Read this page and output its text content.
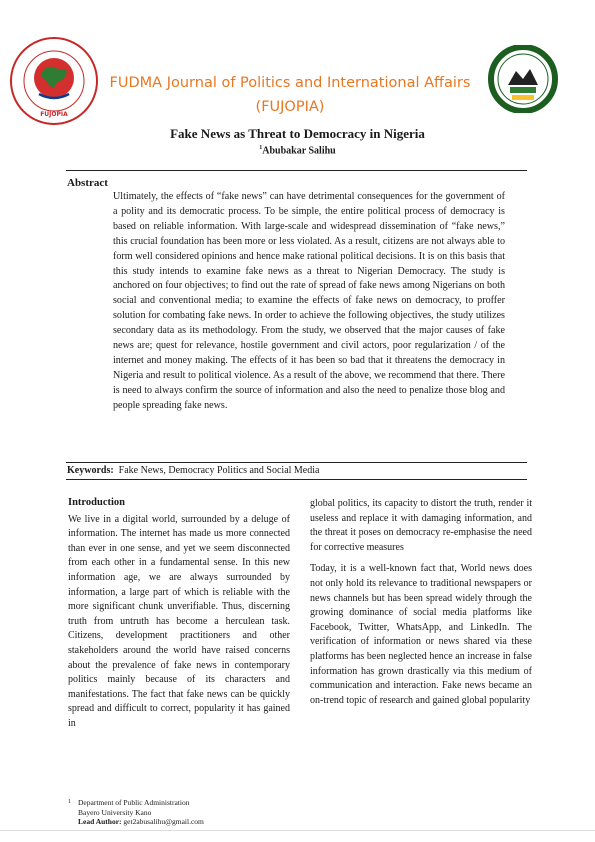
FUJOPIA
FUDMA Journal of Politics and International Affairs
(FUJOPIA)
Fake News as Threat to Democracy in Nigeria
$^1$Abubakar Salihu
Abstract

Ultimately, the effects of “fake news” can have detrimental consequences for the government of a polity and its democratic process. To be simple, the entire political process of democracy is based on reliable information. With large-scale and widespread dissemination of “fake news,” this crucial foundation has been more or less violated. As a result, citizens are not always able to form well considered opinions and hence make rational political decisions. It is on this basis that this study intends to examine fake news as a threat to Nigerian Democracy. The study is anchored on four objectives; to find out the rate of spread of fake news among Nigerians on both social and conventional media; to examine the effects of fake news on democracy, to proffer solution for combating fake news. In order to achieve the following objectives, the study utilizes secondary data as its methodology. From the study, we observed that the major causes of fake news are; quest for relevance, hostile government and civil actors, poor regularization / of the internet and money making. The effects of it has been so bad that it threatens the democracy in Nigeria and result to political violence. As a result of the above, we recommend that there. There is need to always confirm the source of information and also the need to penalize those blog and people spreading fake news.

Keywords: Fake News, Democracy Politics and Social Media

Introduction

We live in a digital world, surrounded by a deluge of information. The internet has made us more connected than ever in one sense, and yet we seem disconnected from each other in a fundamental sense. In this new information age, we are always surrounded by information, a large part of which is reliable with the more significant chunk unverifiable. Thus, discerning truth from untruth has become a herculean task. Citizens, development practitioners and other stakeholders around the world have raised concerns about the prevalence of fake news in contemporary politics mainly because of its characters and manifestations. The fact that fake news can be quickly spread and difficult to correct, popularity it has gained in

global politics, its capacity to distort the truth, render it useless and replace it with damaging information, and the threat it poses on democracy re-emphasise the need for corrective measures

Today, it is a well-known fact that, World news does not only hold its relevance to traditional newspapers or news channels but has been spread widely through the growing dominance of social media platforms like Facebook, Twitter, WhatsApp, and LinkedIn. The verification of information or news shared via these platforms has been neglected hence an increase in false information has grown drastically via this medium of communication and interaction. Fake news became an on-trend topic of research and gained global popularity

1 Department of Public Administration
Bayero University Kano
Lead Author: get2abusalihu@gmail.com
